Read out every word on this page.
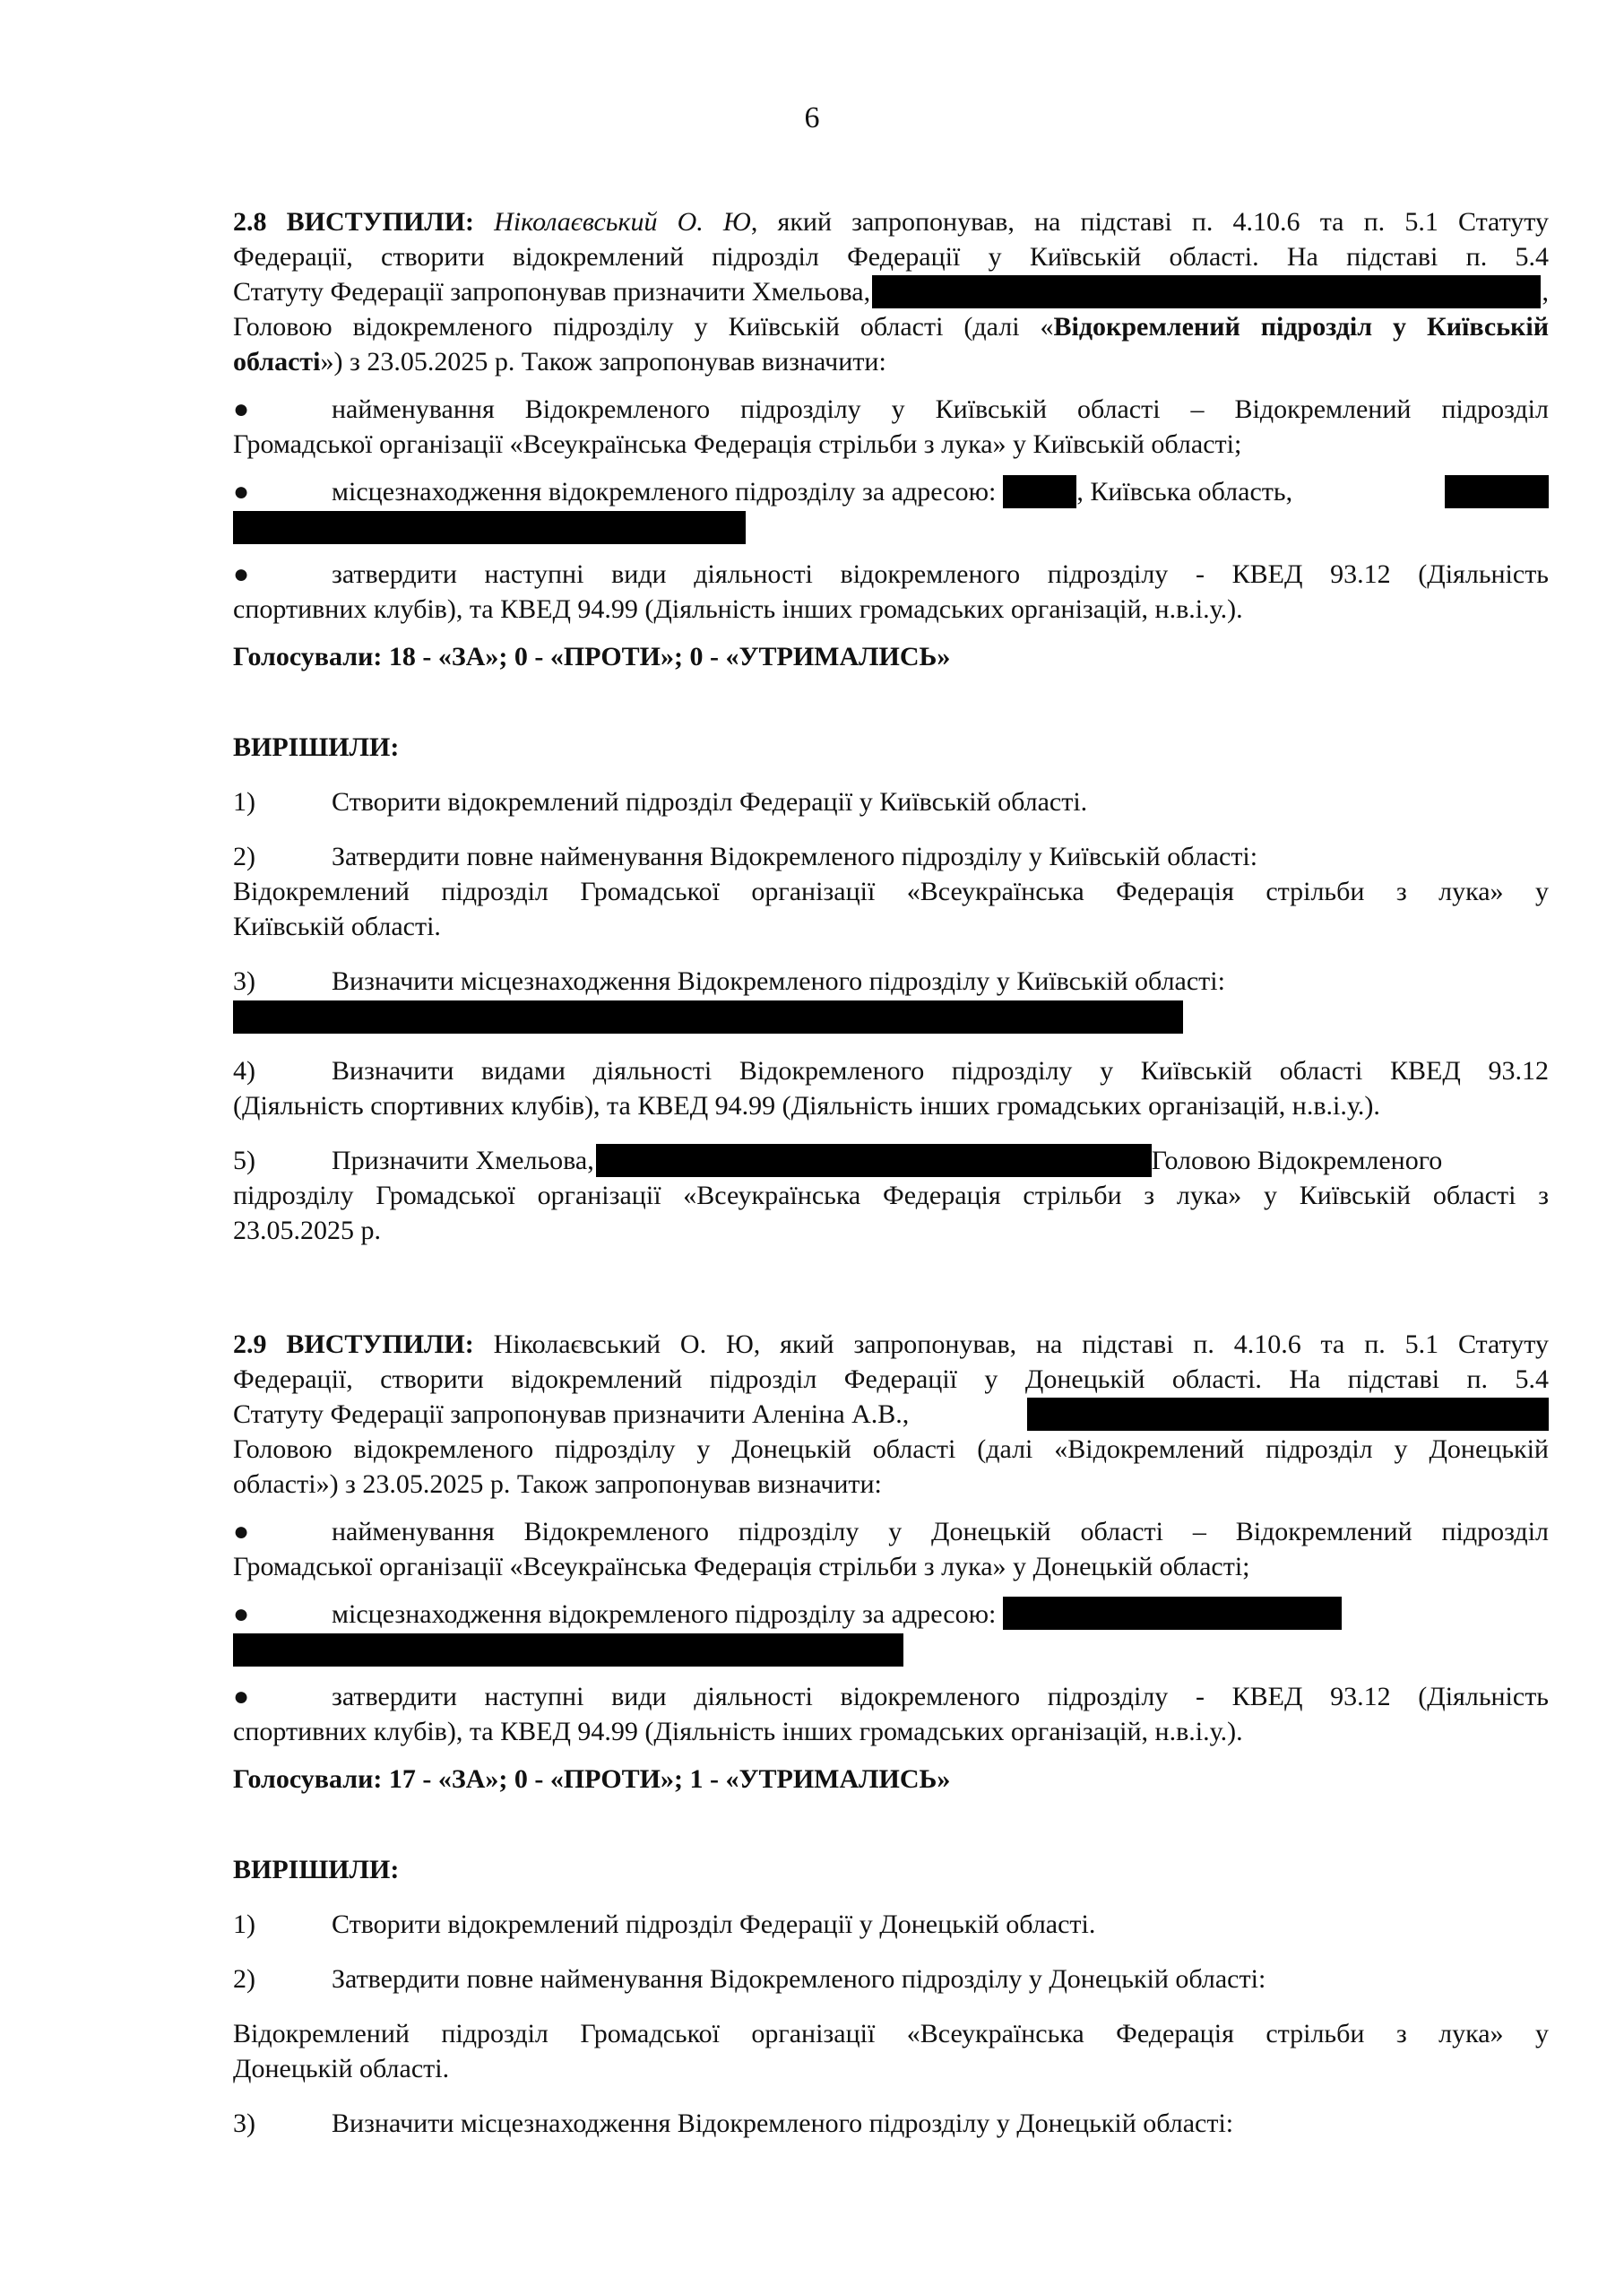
6

2.8 ВИСТУПИЛИ: Ніколаєвський О. Ю, який запропонував, на підставі п. 4.10.6 та п. 5.1 Статуту

Федерації, створити відокремлений підрозділ Федерації у Київській області. На підставі п. 5.4

Статуту Федерації запропонував призначити Хмельова,	,

Головою відокремленого підрозділу у Київській області (далі «Відокремлений підрозділ у Київській

області») з 23.05.2025 р. Також запропонував визначити:

●	найменування Відокремленого підрозділу у Київській області – Відокремлений підрозділ

Громадської організації «Всеукраїнська Федерація стрільби з лука» у Київській області;

●	місцезнаходження відокремленого підрозділу за адресою:	, Київська область,

●	затвердити наступні види діяльності відокремленого підрозділу - КВЕД 93.12 (Діяльність

спортивних клубів), та КВЕД 94.99 (Діяльність інших громадських організацій, н.в.і.у.).

Голосували: 18 - «ЗА»; 0 - «ПРОТИ»; 0 - «УТРИМАЛИСЬ»

ВИРІШИЛИ:

1)	Створити відокремлений підрозділ Федерації у Київській області.

2)	Затвердити повне найменування Відокремленого підрозділу у Київській області:

Відокремлений підрозділ Громадської організації «Всеукраїнська Федерація стрільби з лука» у

Київській області.

3)	Визначити місцезнаходження Відокремленого підрозділу у Київській області:

4)	Визначити видами діяльності Відокремленого підрозділу у Київській області КВЕД 93.12

(Діяльність спортивних клубів), та КВЕД 94.99 (Діяльність інших громадських організацій, н.в.і.у.).

5)	Призначити Хмельова,	Головою Відокремленого

підрозділу Громадської організації «Всеукраїнська Федерація стрільби з лука» у Київській області з

23.05.2025 р.

2.9 ВИСТУПИЛИ: Ніколаєвський О. Ю, який запропонував, на підставі п. 4.10.6 та п. 5.1 Статуту

Федерації, створити відокремлений підрозділ Федерації у Донецькій області. На підставі п. 5.4

Статуту Федерації запропонував призначити Аленіна А.В.,

Головою відокремленого підрозділу у Донецькій області (далі «Відокремлений підрозділ у Донецькій

області») з 23.05.2025 р. Також запропонував визначити:

●	найменування Відокремленого підрозділу у Донецькій області – Відокремлений підрозділ

Громадської організації «Всеукраїнська Федерація стрільби з лука» у Донецькій області;

●	місцезнаходження відокремленого підрозділу за адресою:

●	затвердити наступні види діяльності відокремленого підрозділу - КВЕД 93.12 (Діяльність

спортивних клубів), та КВЕД 94.99 (Діяльність інших громадських організацій, н.в.і.у.).

Голосували: 17 - «ЗА»; 0 - «ПРОТИ»; 1 - «УТРИМАЛИСЬ»

ВИРІШИЛИ:

1)	Створити відокремлений підрозділ Федерації у Донецькій області.

2)	Затвердити повне найменування Відокремленого підрозділу у Донецькій області:

Відокремлений підрозділ Громадської організації «Всеукраїнська Федерація стрільби з лука» у

Донецькій області.

3)	Визначити місцезнаходження Відокремленого підрозділу у Донецькій області:
